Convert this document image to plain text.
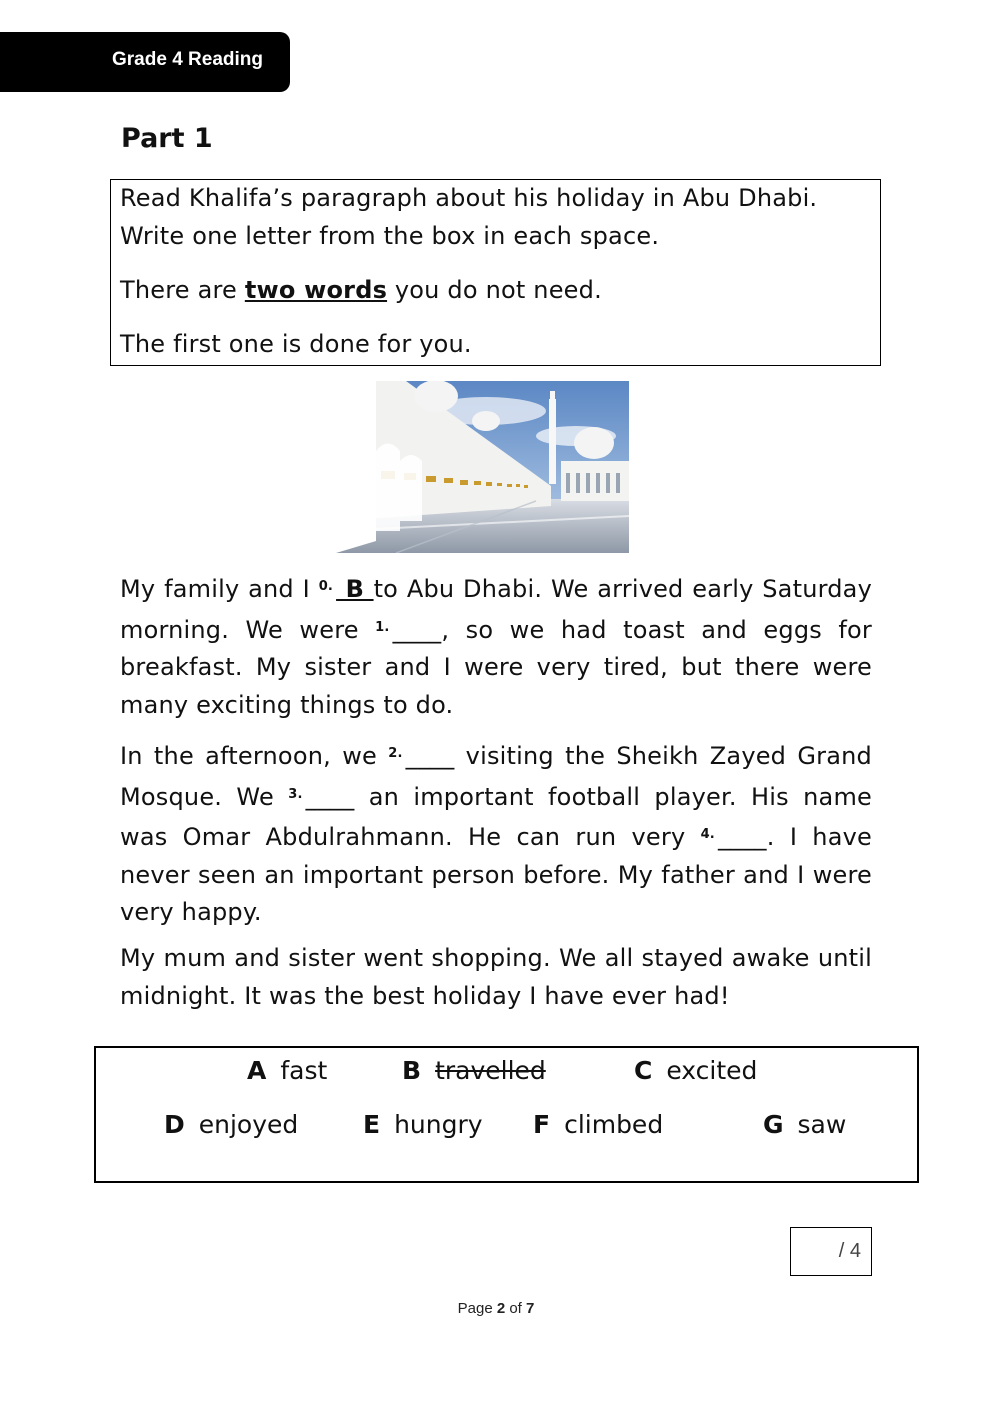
Grade 4 Reading
Part 1

Read Khalifa’s paragraph about his holiday in Abu Dhabi.

Write one letter from the box in each space.

There are two words you do not need.

The first one is done for you.

My family and I $^{0.}$ B to Abu Dhabi. We arrived early Saturday morning. We were $^{1.}$ ____, so we had toast and eggs for breakfast. My sister and I were very tired, but there were many exciting things to do.

In the afternoon, we $^{2.}$ ____ visiting the Sheikh Zayed Grand Mosque. We $^{3.}$ ____ an important football player. His name was Omar Abdulrahmann. He can run very $^{4.}$ ____. I have never seen an important person before. My father and I were very happy.

My mum and sister went shopping. We all stayed awake until midnight. It was the best holiday I have ever had!

A fast	B travelled	C excited
D enjoyed	E hungry F climbed	G saw
/ 4
Page 2 of 7
